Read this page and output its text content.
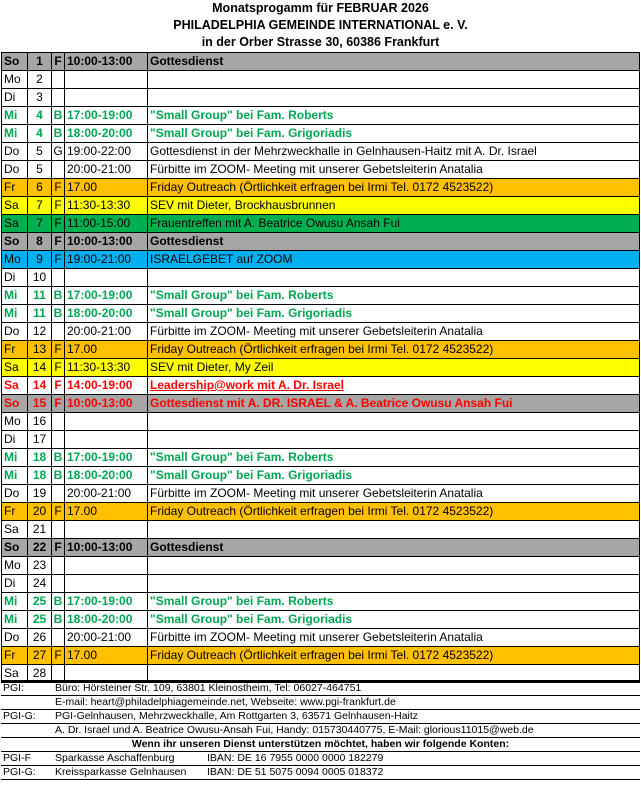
Monatsprogamm für FEBRUAR 2026
PHILADELPHIA GEMEINDE INTERNATIONAL e. V.
in der Orber Strasse 30, 60386 Frankfurt
So	1	F	10:00-13:00	Gottesdienst
Mo	2			
Di	3			
Mi	4	B	17:00-19:00	"Small Group" bei Fam. Roberts
Mi	4	B	18:00-20:00	"Small Group" bei Fam. Grigoriadis
Do	5	G	19:00-22:00	Gottesdienst in der Mehrzweckhalle in Gelnhausen-Haitz mit A. Dr. Israel
Do	5		20:00-21:00	Fürbitte im ZOOM- Meeting mit unserer Gebetsleiterin Anatalia
Fr	6	F	17.00	Friday Outreach (Örtlichkeit erfragen bei Irmi Tel. 0172 4523522)
Sa	7	F	11:30-13:30	SEV mit Dieter, Brockhausbrunnen
Sa	7	F	11:00-15:00	Frauentreffen mit A. Beatrice Owusu Ansah Fui
So	8	F	10:00-13:00	Gottesdienst
Mo	9	F	19:00-21:00	ISRAELGEBET auf ZOOM
Di	10			
Mi	11	B	17:00-19:00	"Small Group" bei Fam. Roberts
Mi	11	B	18:00-20:00	"Small Group" bei Fam. Grigoriadis
Do	12		20:00-21:00	Fürbitte im ZOOM- Meeting mit unserer Gebetsleiterin Anatalia
Fr	13	F	17.00	Friday Outreach (Örtlichkeit erfragen bei Irmi Tel. 0172 4523522)
Sa	14	F	11:30-13:30	SEV mit Dieter, My Zeil
Sa	14	F	14:00-19:00	Leadership@work mit A. Dr. Israel
So	15	F	10:00-13:00	Gottesdienst mit A. DR. ISRAEL & A. Beatrice Owusu Ansah Fui
Mo	16			
Di	17			
Mi	18	B	17:00-19:00	"Small Group" bei Fam. Roberts
Mi	18	B	18:00-20:00	"Small Group" bei Fam. Grigoriadis
Do	19		20:00-21:00	Fürbitte im ZOOM- Meeting mit unserer Gebetsleiterin Anatalia
Fr	20	F	17.00	Friday Outreach (Örtlichkeit erfragen bei Irmi Tel. 0172 4523522)
Sa	21			
So	22	F	10:00-13:00	Gottesdienst
Mo	23			
Di	24			
Mi	25	B	17:00-19:00	"Small Group" bei Fam. Roberts
Mi	25	B	18:00-20:00	"Small Group" bei Fam. Grigoriadis
Do	26		20:00-21:00	Fürbitte im ZOOM- Meeting mit unserer Gebetsleiterin Anatalia
Fr	27	F	17.00	Friday Outreach (Örtlichkeit erfragen bei Irmi Tel. 0172 4523522)
Sa	28			
PGI:	Büro: Hörsteiner Str. 109, 63801 Kleinostheim, Tel: 06027-464751
E-mail: heart@philadelphiagemeinde.net, Webseite: www.pgi-frankfurt.de
PGI-G:	PGI-Gelnhausen, Mehrzweckhalle, Am Rottgarten 3, 63571 Gelnhausen-Haitz
A. Dr. Israel und A. Beatrice Owusu-Ansah Fui, Handy: 015730440775, E-Mail: glorious11015@web.de
Wenn ihr unseren Dienst unterstützen möchtet, haben wir folgende Konten:
PGI-F	Sparkasse Aschaffenburg	IBAN: DE 16 7955 0000 0000 182279
PGI-G:	Kreissparkasse Gelnhausen	IBAN: DE 51 5075 0094 0005 018372
